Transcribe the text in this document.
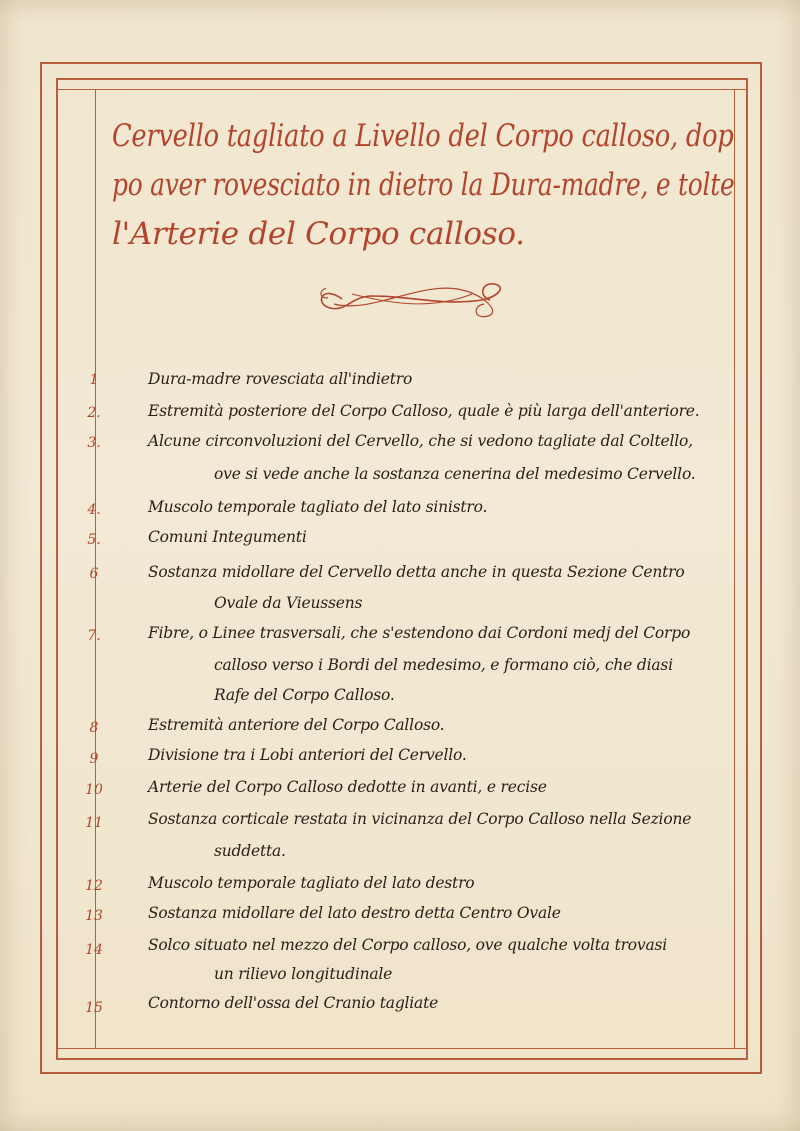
Cervello tagliato a Livello del Corpo calloso, dop
po aver rovesciato in dietro la Dura-madre, e tolte
l'Arterie del Corpo calloso.
1	Dura-madre rovesciata all'indietro
2.	Estremità posteriore del Corpo Calloso, quale è più larga dell'anteriore.
3.	Alcune circonvoluzioni del Cervello, che si vedono tagliate dal Coltello,
ove si vede anche la sostanza cenerina del medesimo Cervello.
4.	Muscolo temporale tagliato del lato sinistro.
5.	Comuni Integumenti
6	Sostanza midollare del Cervello detta anche in questa Sezione Centro
Ovale da Vieussens
7.	Fibre, o Linee trasversali, che s'estendono dai Cordoni medj del Corpo
calloso verso i Bordi del medesimo, e formano ciò, che diasi
Rafe del Corpo Calloso.
8	Estremità anteriore del Corpo Calloso.
9	Divisione tra i Lobi anteriori del Cervello.
10	Arterie del Corpo Calloso dedotte in avanti, e recise
11	Sostanza corticale restata in vicinanza del Corpo Calloso nella Sezione
suddetta.
12	Muscolo temporale tagliato del lato destro
13	Sostanza midollare del lato destro detta Centro Ovale
14	Solco situato nel mezzo del Corpo calloso, ove qualche volta trovasi
un rilievo longitudinale
15	Contorno dell'ossa del Cranio tagliate
